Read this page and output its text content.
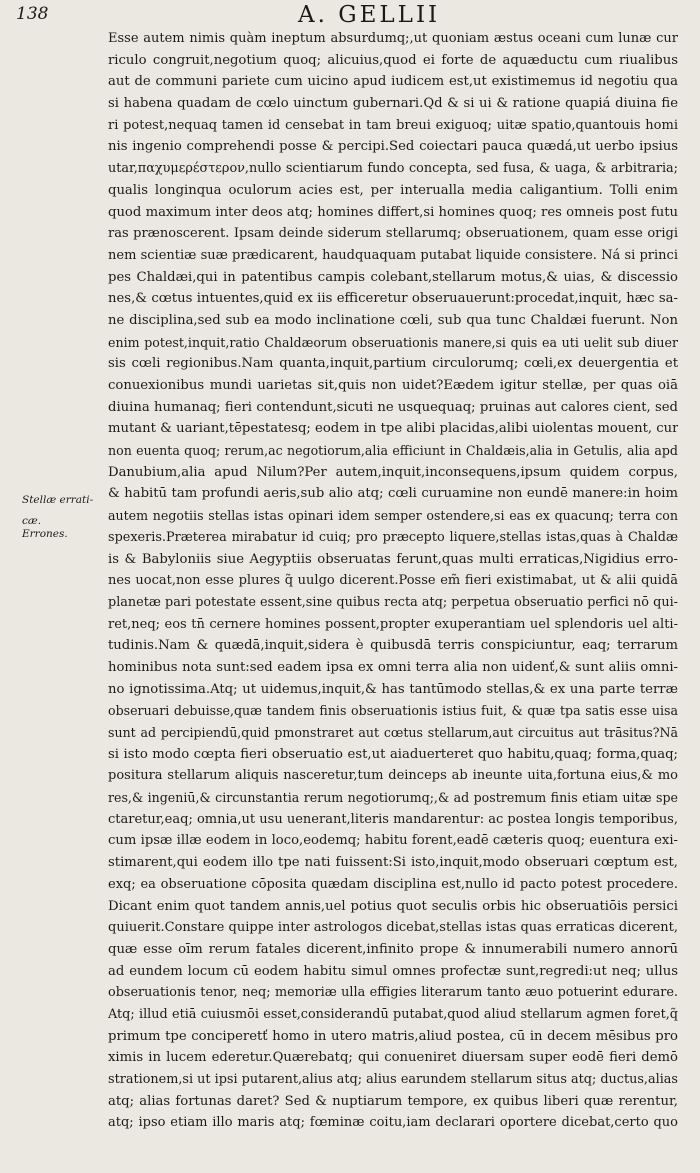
138	A. GELLII
Stellæ errati-
cæ.
Errones.
Esse autem nimis quàm ineptum absurdumq;,ut quoniam æstus oceani cum lunæ cur
riculo congruit,negotium quoq; alicuius,quod ei forte de aquæductu cum riualibus
aut de communi pariete cum uicino apud iudicem est,ut existimemus id negotiu qua
si habena quadam de cœlo uinctum gubernari.Qd & si ui & ratione quapiá diuina fie
ri potest,nequaq tamen id censebat in tam breui exiguoq; uitæ spatio,quantouis homi
nis ingenio comprehendi posse & percipi.Sed coiectari pauca quædá,ut uerbo ipsius
utar,παχυμερέστερον,nullo scientiarum fundo concepta, sed fusa, & uaga, & arbitraria;
qualis longinqua oculorum acies est, per interualla media caligantium. Tolli enim
quod maximum inter deos atq; homines differt,si homines quoq; res omneis post futu
ras prænoscerent. Ipsam deinde siderum stellarumq; obseruationem, quam esse origi
nem scientiæ suæ prædicarent, haudquaquam putabat liquide consistere. Ná si princi
pes Chaldæi,qui in patentibus campis colebant,stellarum motus,& uias, & discessio
nes,& cœtus intuentes,quid ex iis efficeretur obseruauerunt:procedat,inquit, hæc sa-
ne disciplina,sed sub ea modo inclinatione cœli, sub qua tunc Chaldæi fuerunt. Non
enim potest,inquit,ratio Chaldæorum obseruationis manere,si quis ea uti uelit sub diuer
sis cœli regionibus.Nam quanta,inquit,partium circulorumq; cœli,ex deuergentia et
conuexionibus mundi uarietas sit,quis non uidet?Eædem igitur stellæ, per quas oiā
diuina humanaq; fieri contendunt,sicuti ne usquequaq; pruinas aut calores cient, sed
mutant & uariant,tēpestatesq; eodem in tpe alibi placidas,alibi uiolentas mouent, cur
non euenta quoq; rerum,ac negotiorum,alia efficiunt in Chaldæis,alia in Getulis, alia apd
Danubium,alia apud Nilum?Per autem,inquit,inconsequens,ipsum quidem corpus,
& habitū tam profundi aeris,sub alio atq; cœli curuamine non eundē manere:in hoim
autem negotiis stellas istas opinari idem semper ostendere,si eas ex quacunq; terra con
spexeris.Præterea mirabatur id cuiq; pro præcepto liquere,stellas istas,quas à Chaldæ
is & Babyloniis siue Aegyptiis obseruatas ferunt,quas multi erraticas,Nigidius erro-
nes uocat,non esse plures q̃ uulgo dicerent.Posse em̃ fieri existimabat, ut & alii quidā
planetæ pari potestate essent,sine quibus recta atq; perpetua obseruatio perfici nō qui-
ret,neq; eos tn̄ cernere homines possent,propter exuperantiam uel splendoris uel alti-
tudinis.Nam & quædā,inquit,sidera è quibusdā terris conspiciuntur, eaq; terrarum
hominibus nota sunt:sed eadem ipsa ex omni terra alia non uidenť,& sunt aliis omni-
no ignotissima.Atq; ut uidemus,inquit,& has tantūmodo stellas,& ex una parte terræ
obseruari debuisse,quæ tandem finis obseruationis istius fuit, & quæ tpa satis esse uisa
sunt ad percipiendū,quid pmonstraret aut cœtus stellarum,aut circuitus aut trāsitus?Nā
si isto modo cœpta fieri obseruatio est,ut aiaduerteret quo habitu,quaq; forma,quaq;
positura stellarum aliquis nasceretur,tum deinceps ab ineunte uita,fortuna eius,& mo
res,& ingeniū,& circunstantia rerum negotiorumq;,& ad postremum finis etiam uitæ spe
ctaretur,eaq; omnia,ut usu uenerant,literis mandarentur: ac postea longis temporibus,
cum ipsæ illæ eodem in loco,eodemq; habitu forent,eadē cæteris quoq; euentura exi-
stimarent,qui eodem illo tpe nati fuissent:Si isto,inquit,modo obseruari cœptum est,
exq; ea obseruatione cōposita quædam disciplina est,nullo id pacto potest procedere.
Dicant enim quot tandem annis,uel potius quot seculis orbis hic obseruatiōis persici
quiuerit.Constare quippe inter astrologos dicebat,stellas istas quas erraticas dicerent,
quæ esse oīm rerum fatales dicerent,infinito prope & innumerabili numero annorū
ad eundem locum cū eodem habitu simul omnes profectæ sunt,regredi:ut neq; ullus
obseruationis tenor, neq; memoriæ ulla effigies literarum tanto æuo potuerint edurare.
Atq; illud etiā cuiusmōi esset,considerandū putabat,quod aliud stellarum agmen foret,q̃
primum tpe conciperetť homo in utero matris,aliud postea, cū in decem mēsibus pro
ximis in lucem ederetur.Quærebatq; qui conueniret diuersam super eodē fieri demō
strationem,si ut ipsi putarent,alius atq; alius earundem stellarum situs atq; ductus,alias
atq; alias fortunas daret? Sed & nuptiarum tempore, ex quibus liberi quæ rerentur,
atq; ipso etiam illo maris atq; fœminæ coitu,iam declarari oportere dicebat,certo quo
